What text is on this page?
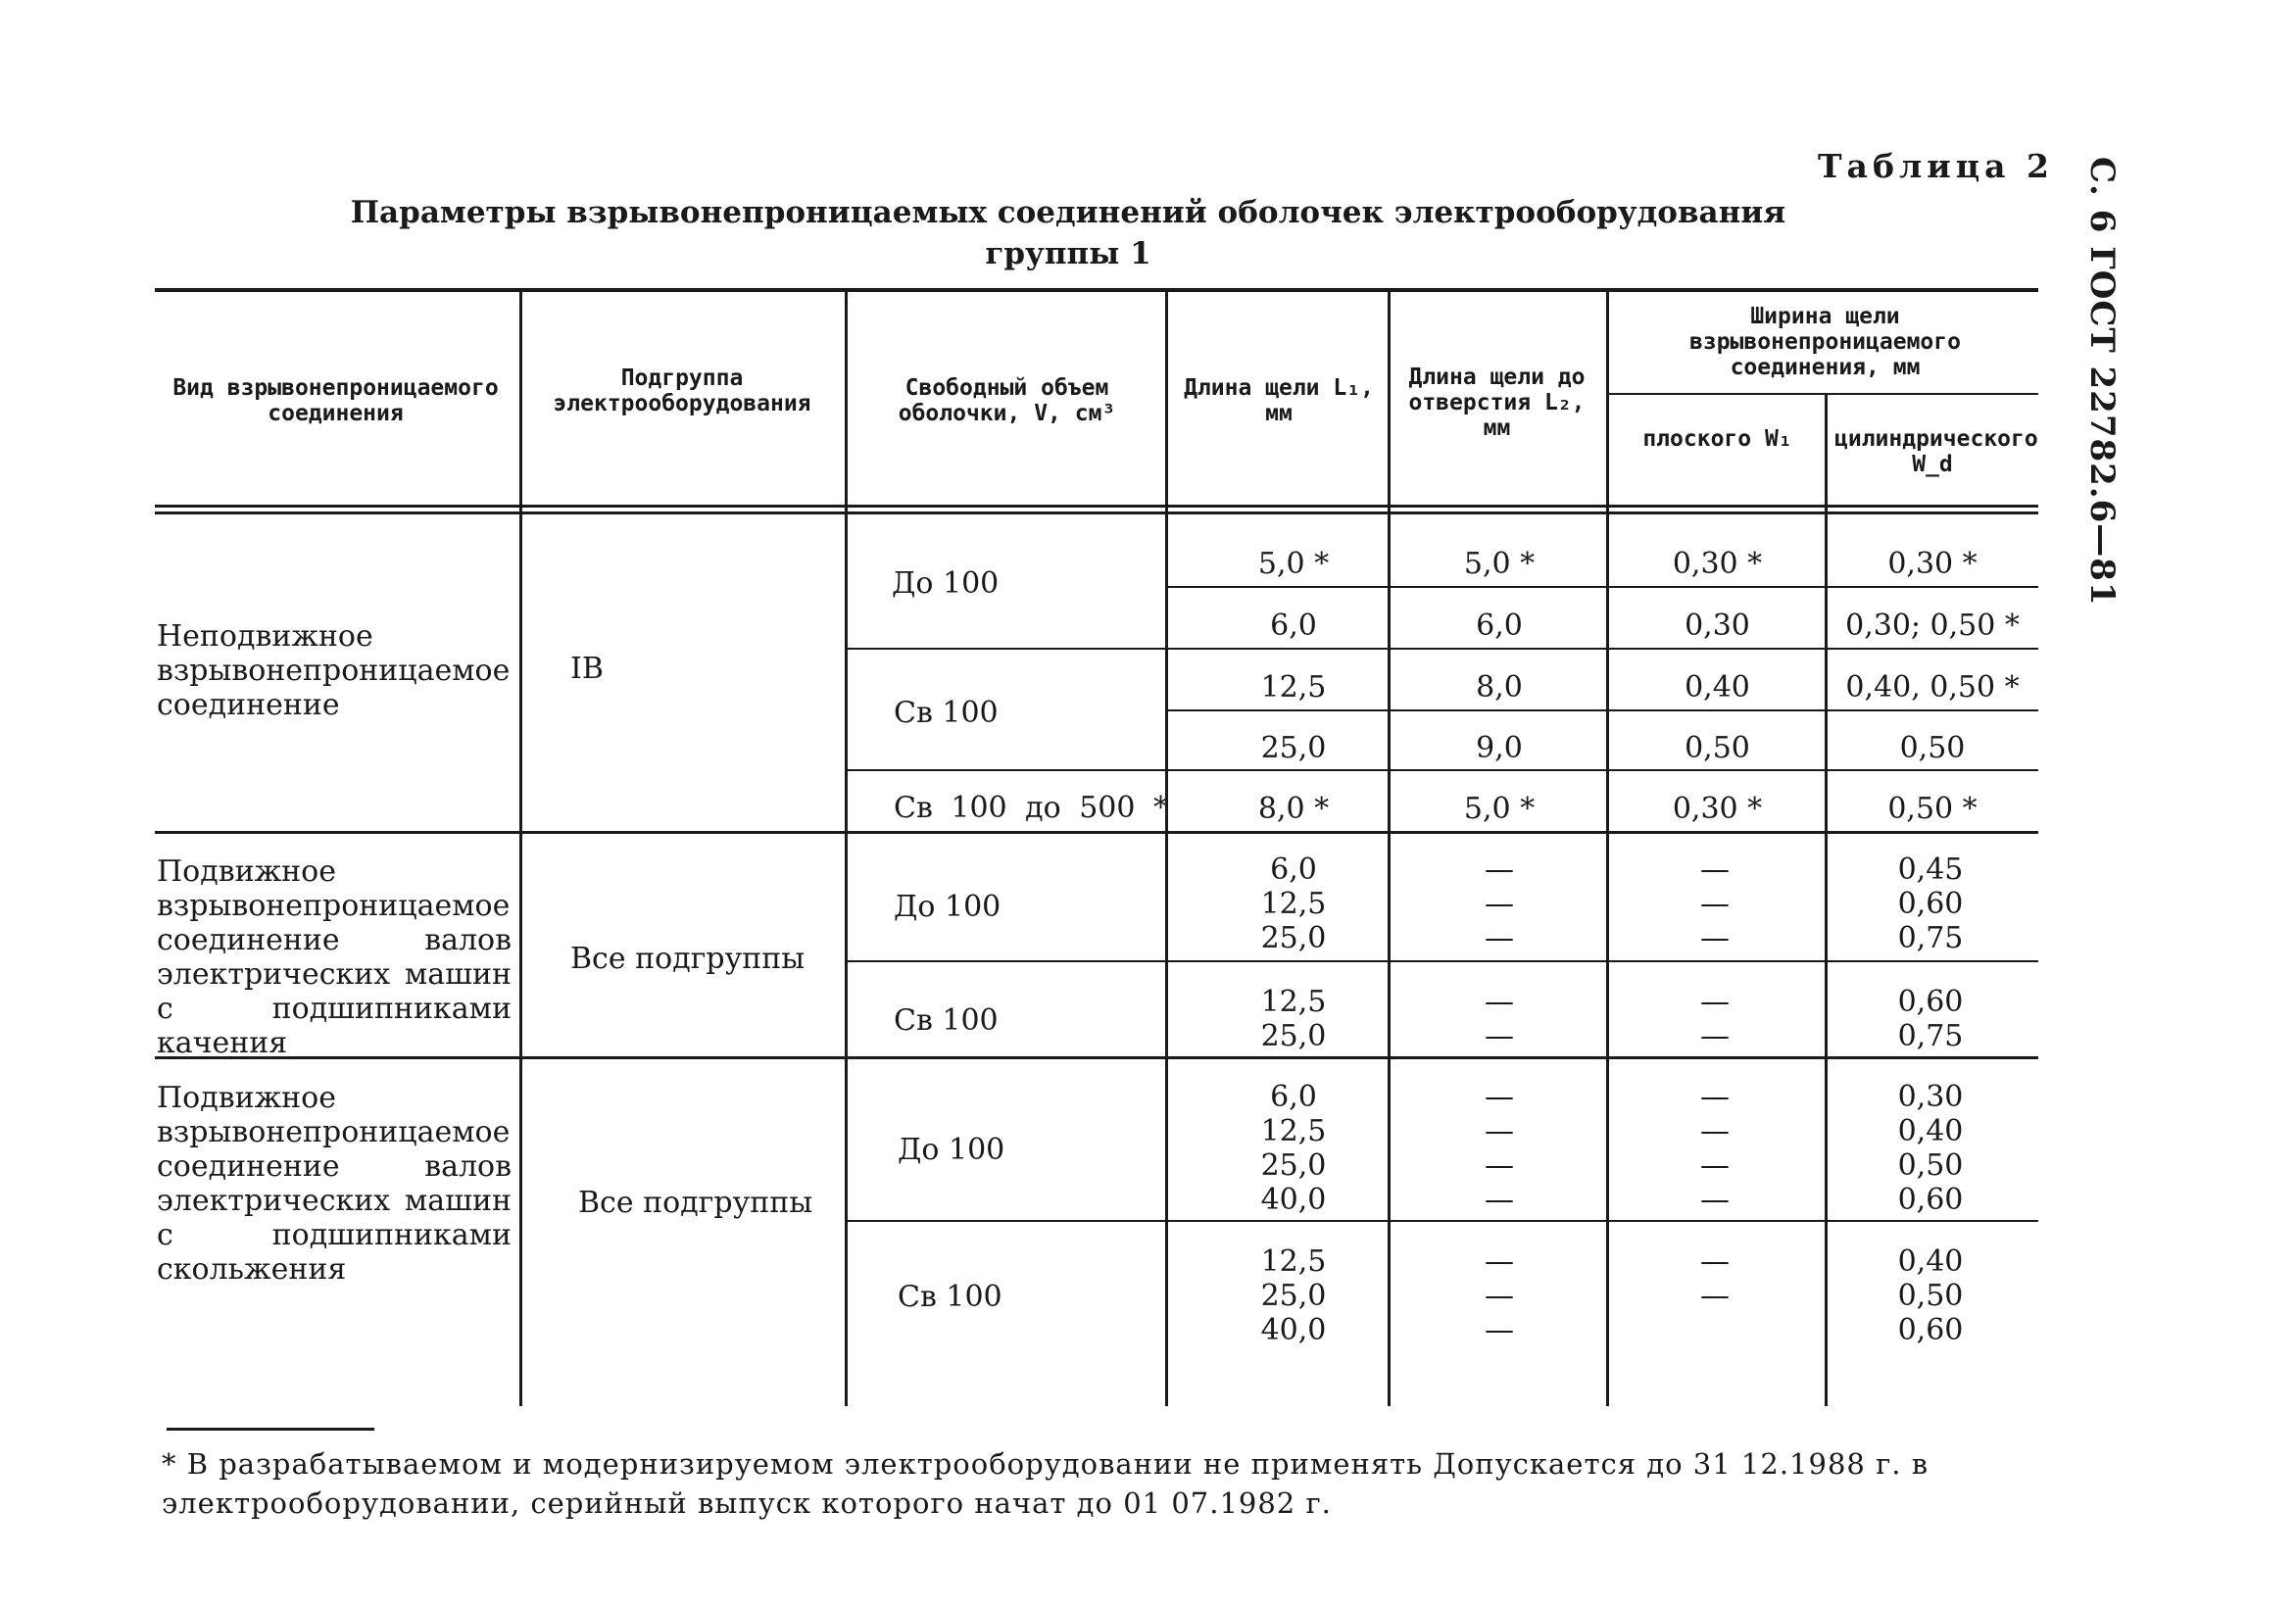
Таблица 2
Параметры взрывонепроницаемых соединений оболочек электрооборудования группы 1	С. 6 ГОСТ 22782.6—81
Вид взрывонепроницаемого соединения
Подгруппа электрооборудования
Свободный объем оболочки, V, см³
Длина щели L₁, мм
Длина щели до отверстия L₂, мм
Ширина щели взрывонепроницаемого соединения, мм
плоского W₁	цилиндрического W_d
Неподвижное взрывонепроницаемое соединение
IB
До 100
Св 100
Св 100 до 500 *
5,0 *
6,0
12,5
25,0
8,0 *
5,0 *
6,0
8,0
9,0
5,0 *
0,30 *
0,30
0,40
0,50
0,30 *
0,30 *
0,30; 0,50 *
0,40, 0,50 *
0,50
0,50 *
Подвижное взрывонепроницаемое соединение валов электрических машин с подшипниками качения
Все подгруппы
До 100
Св 100
6,0
12,5
25,0
12,5
25,0
—
—
—
—
—
—
—
—
—
—
0,45
0,60
0,75
0,60
0,75
Подвижное взрывонепроницаемое соединение валов электрических машин с подшипниками скольжения
Все подгруппы
До 100
Св 100
6,0
12,5
25,0
40,0
12,5
25,0
40,0
—
—
—
—
—
—
—
—
—
—
—
—
—
0,30
0,40
0,50
0,60
0,40
0,50
0,60
* В разрабатываемом и модернизируемом электрооборудовании не применять Допускается до 31 12.1988 г. в электрооборудовании, серийный выпуск которого начат до 01 07.1982 г.
